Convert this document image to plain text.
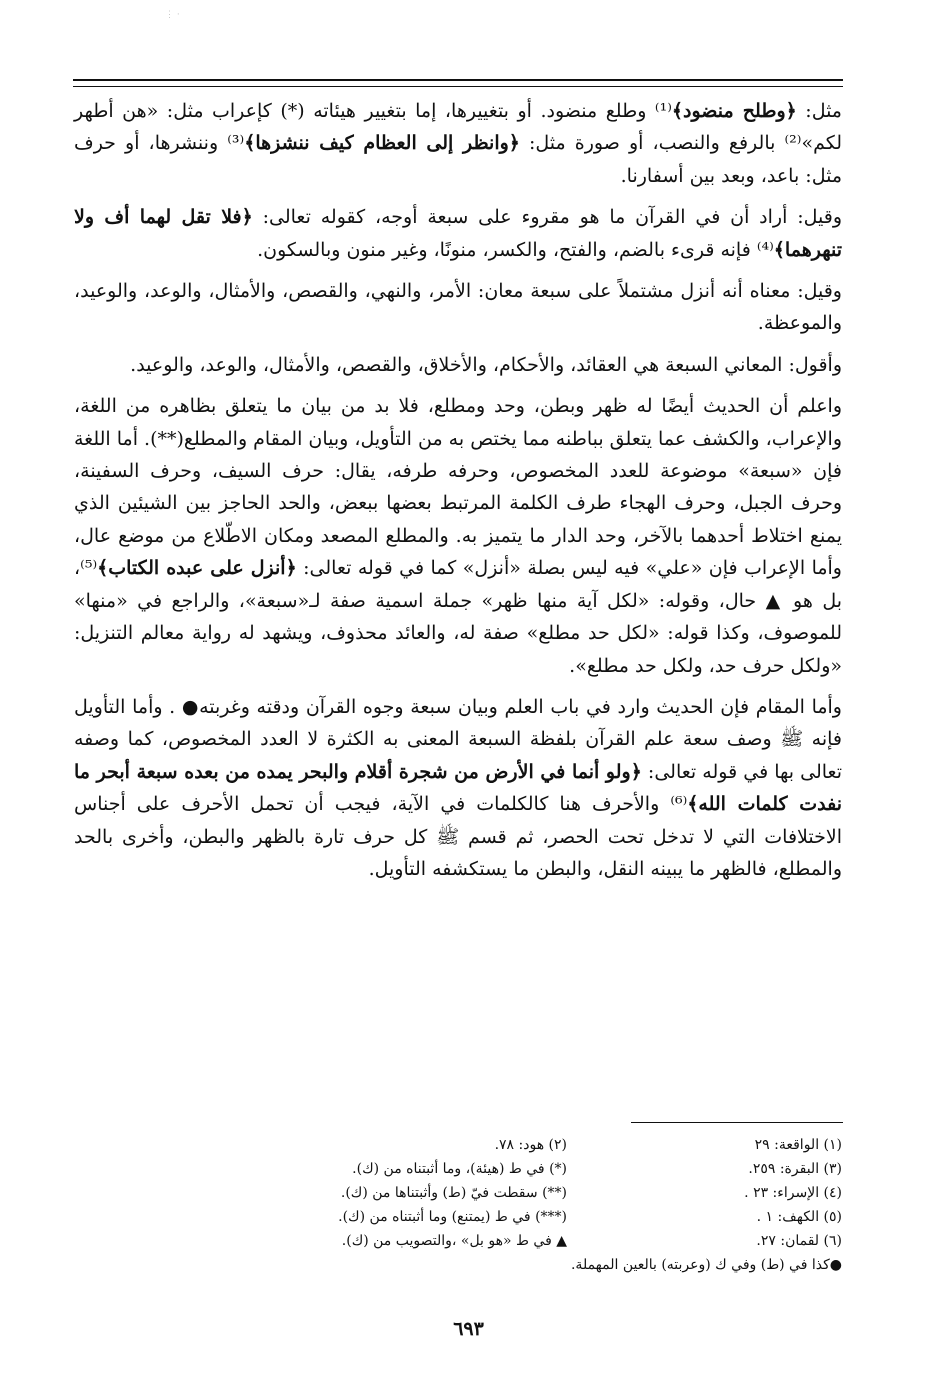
⋮ ·

مثل: ﴿وطلح منضود﴾⁽¹⁾ وطلع منضود. أو بتغييرها، إما بتغيير هيئاته (*) كإعراب مثل: «هن أطهر لكم»⁽²⁾ بالرفع والنصب، أو صورة مثل: ﴿وانظر إلى العظام كيف ننشزها﴾⁽³⁾ وننشرها، أو حرف مثل: باعد، وبعد بين أسفارنا.

وقيل: أراد أن في القرآن ما هو مقروء على سبعة أوجه، كقوله تعالى: ﴿فلا تقل لهما أف ولا تنهرهما﴾⁽⁴⁾ فإنه قرىء بالضم، والفتح، والكسر، منونًا، وغير منون وبالسكون.

وقيل: معناه أنه أنزل مشتملاً على سبعة معان: الأمر، والنهي، والقصص، والأمثال، والوعد، والوعيد، والموعظة.

وأقول: المعاني السبعة هي العقائد، والأحكام، والأخلاق، والقصص، والأمثال، والوعد، والوعيد.

واعلم أن الحديث أيضًا له ظهر وبطن، وحد ومطلع، فلا بد من بيان ما يتعلق بظاهره من اللغة، والإعراب، والكشف عما يتعلق بباطنه مما يختص به من التأويل، وبيان المقام والمطلع(**). أما اللغة فإن «سبعة» موضوعة للعدد المخصوص، وحرفه طرفه، يقال: حرف السيف، وحرف السفينة، وحرف الجبل، وحرف الهجاء طرف الكلمة المرتبط بعضها ببعض، والحد الحاجز بين الشيئين الذي يمنع اختلاط أحدهما بالآخر، وحد الدار ما يتميز به. والمطلع المصعد ومكان الاطّلاع من موضع عال، وأما الإعراب فإن «علي» فيه ليس بصلة «أنزل» كما في قوله تعالى: ﴿أنزل على عبده الكتاب﴾⁽⁵⁾، بل هو ▲ حال، وقوله: «لكل آية منها ظهر» جملة اسمية صفة لـ«سبعة»، والراجع في «منها» للموصوف، وكذا قوله: «لكل حد مطلع» صفة له، والعائد محذوف، ويشهد له رواية معالم التنزيل: «ولكل حرف حد، ولكل حد مطلع».

وأما المقام فإن الحديث وارد في باب العلم وبيان سبعة وجوه القرآن ودقته وغربته● . وأما التأويل فإنه ﷺ وصف سعة علم القرآن بلفظة السبعة المعنى به الكثرة لا العدد المخصوص، كما وصفه تعالى بها في قوله تعالى: ﴿ولو أنما في الأرض من شجرة أقلام والبحر يمده من بعده سبعة أبحر ما نفدت كلمات الله﴾⁽⁶⁾ والأحرف هنا كالكلمات في الآية، فيجب أن تحمل الأحرف على أجناس الاختلافات التي لا تدخل تحت الحصر، ثم قسم ﷺ كل حرف تارة بالظهر والبطن، وأخرى بالحد والمطلع، فالظهر ما يبينه النقل، والبطن ما يستكشفه التأويل.

(١) الواقعة: ٢٩
(٣) البقرة: ٢٥٩.
(٤) الإسراء: ٢٣ .
(٥) الكهف: ١ .
(٦) لقمان: ٢٧.
(٢) هود: ٧٨.
(*) في ط (هيئة)، وما أثبتناه من (ك).
(**) سقطت فيّ (ط) وأثبتناها من (ك).
(***) في ط (يمتنع) وما أثبتناه من (ك).
▲ في ط «هو بل» ،والتصويب من (ك).

●كذا في (ط) وفي ك (وعربته) بالعين المهملة.

٦٩٣
